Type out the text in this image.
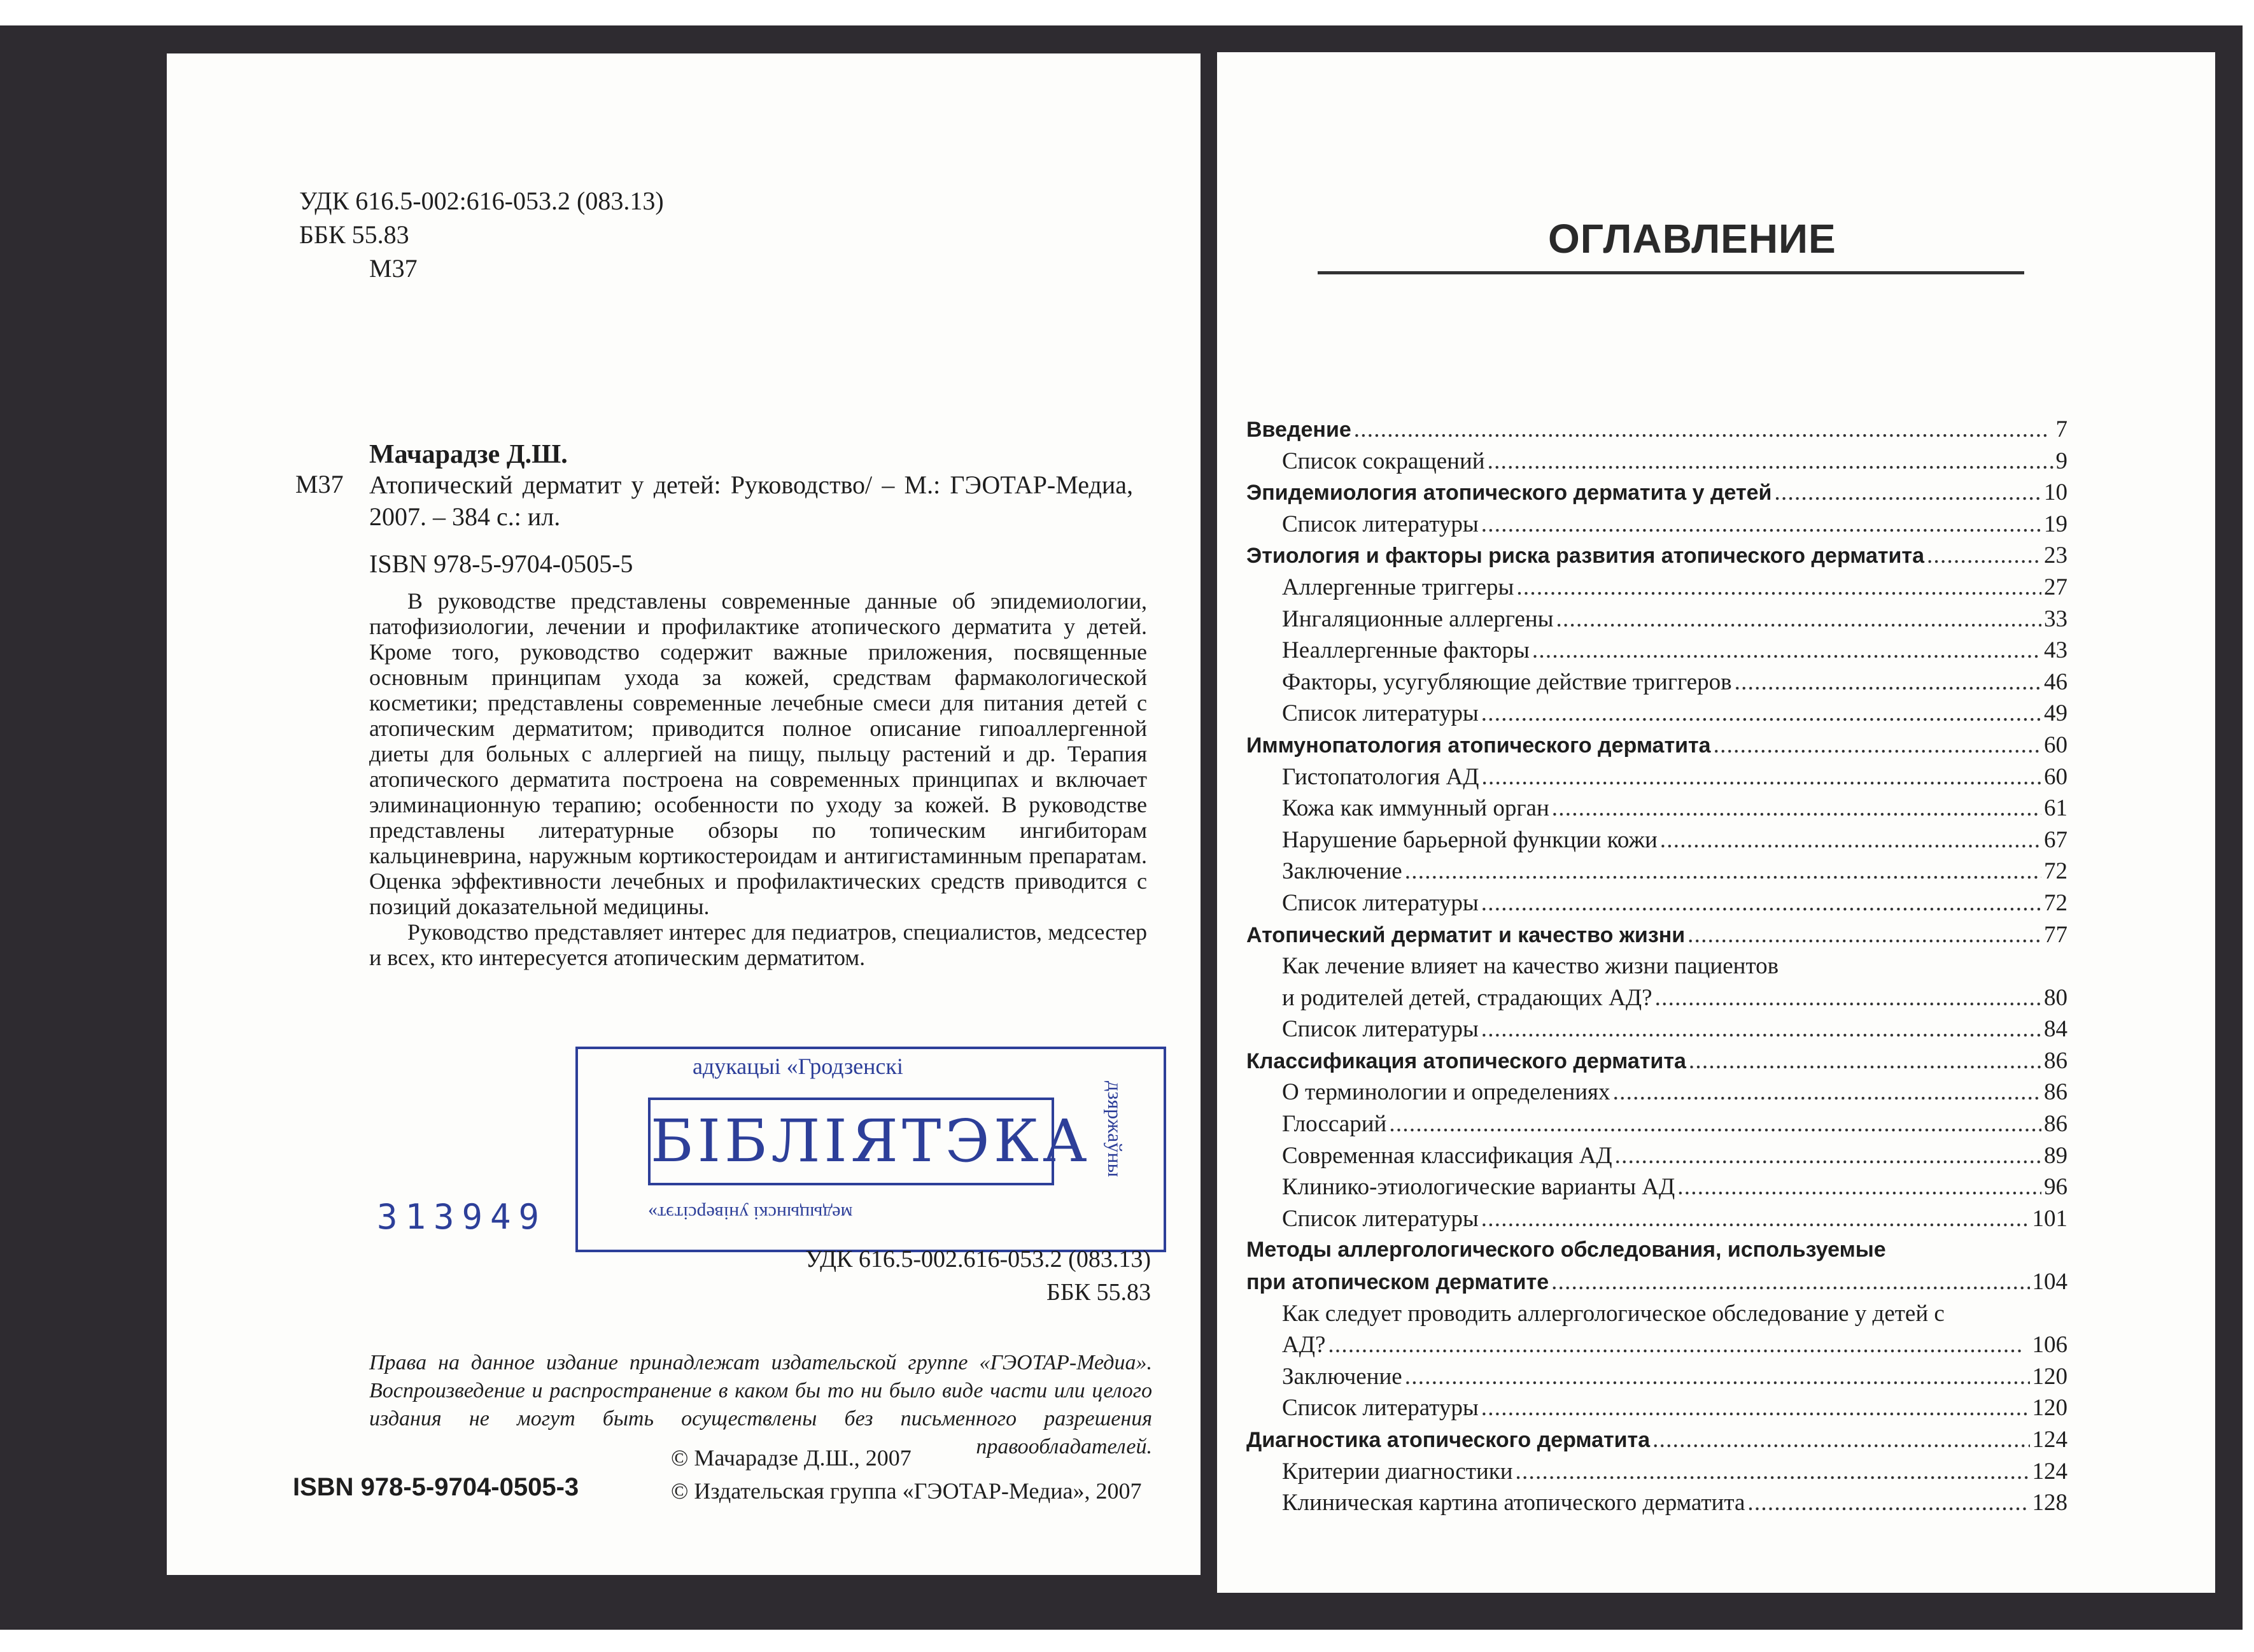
УДК 616.5-002:616-053.2 (083.13)
ББК 55.83
М37
Мачарадзе Д.Ш.
М37 Атопический дерматит у детей: Руководство/ – М.: ГЭОТАР-Медиа, 2007. – 384 с.: ил.
ISBN 978-5-9704-0505-5

В руководстве представлены современные данные об эпидемиологии, патофизиологии, лечении и профилактике атопического дерматита у детей. Кроме того, руководство содержит важные приложения, посвященные основным принципам ухода за кожей, средствам фармакологической косметики; представлены современные лечебные смеси для питания детей с атопическим дерматитом; приводится полное описание гипоаллергенной диеты для больных с аллергией на пищу, пыльцу растений и др. Терапия атопического дерматита построена на современных принципах и включает элиминационную терапию; особенности по уходу за кожей. В руководстве представлены литературные обзоры по топическим ингибиторам кальциневрина, наружным кортикостероидам и антигистаминным препаратам. Оценка эффективности лечебных и профилактических средств приводится с позиций доказательной медицины.

Руководство представляет интерес для педиатров, специалистов, медсестер и всех, кто интересуется атопическим дерматитом.

адукацыі «Гродзенскі
БІБЛІЯТЭКА дзяржаўны
медыцынскі універсітэт»
313949
УДК 616.5-002.616-053.2 (083.13)
ББК 55.83
Права на данное издание принадлежат издательской группе «ГЭОТАР-Медиа». Воспроизведение и распространение в каком бы то ни было виде части или целого издания не могут быть осуществлены без письменного разрешения правообладателей.
© Мачарадзе Д.Ш., 2007
© Издательская группа «ГЭОТАР-Медиа», 2007
ISBN 978-5-9704-0505-3
ОГЛАВЛЕНИЕ
Введение . . .	7
Список сокращений . . .	9
Эпидемиология атопического дерматита у детей . . .	10
Список литературы . . .	19
Этиология и факторы риска развития атопического дерматита . . .	23
Аллергенные триггеры . . .	27
Ингаляционные аллергены . . .	33
Неаллергенные факторы . . .	43
Факторы, усугубляющие действие триггеров . . .	46
Список литературы . . .	49
Иммунопатология атопического дерматита . . .	60
Гистопатология АД . . .	60
Кожа как иммунный орган . . .	61
Нарушение барьерной функции кожи . . .	67
Заключение . . .	72
Список литературы . . .	72
Атопический дерматит и качество жизни . . .	77
Как лечение влияет на качество жизни пациентов
и родителей детей, страдающих АД? . . .	80
Список литературы . . .	84
Классификация атопического дерматита . . .	86
О терминологии и определениях . . .	86
Глоссарий . . .	86
Современная классификация АД . . .	89
Клинико-этиологические варианты АД . . .	96
Список литературы . . .	101
Методы аллергологического обследования, используемые
при атопическом дерматите . . .	104
Как следует проводить аллергологическое обследование у детей с
АД? . . .	106
Заключение . . .	120
Список литературы . . .	120
Диагностика атопического дерматита . . .	124
Критерии диагностики . . .	124
Клиническая картина атопического дерматита . . .	128
